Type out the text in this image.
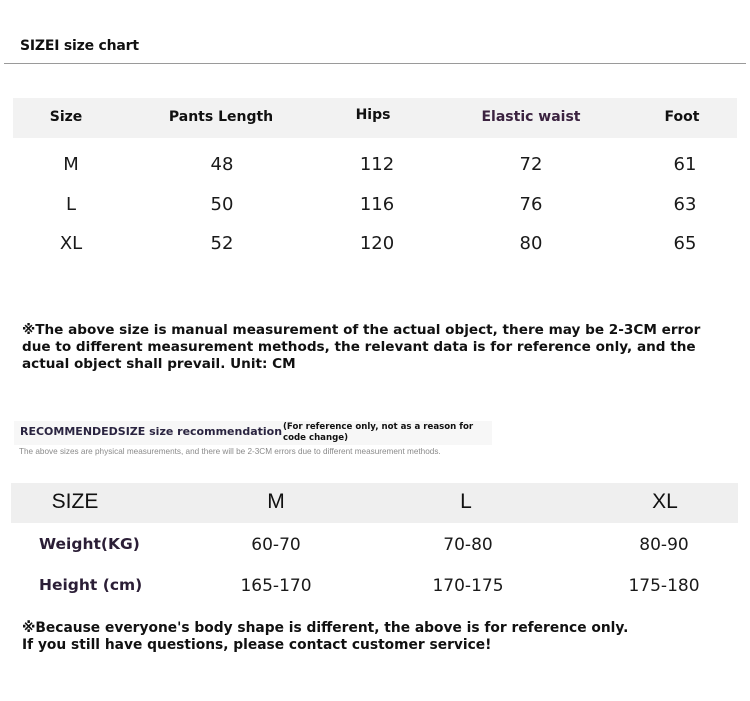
SIZEI size chart
Size	Pants Length	Hips	Elastic waist	Foot
M	48	112	72	61
L	50	116	76	63
XL	52	120	80	65
※The above size is manual measurement of the actual object, there may be 2-3CM error due to different measurement methods, the relevant data is for reference only, and the actual object shall prevail. Unit: CM
RECOMMENDEDSIZE size recommendation (For reference only, not as a reason for code change)
The above sizes are physical measurements, and there will be 2-3CM errors due to different measurement methods.
SIZE	M	L	XL
Weight(KG)	60-70	70-80	80-90
Height (cm)	165-170	170-175	175-180
※Because everyone's body shape is different, the above is for reference only.
If you still have questions, please contact customer service!
